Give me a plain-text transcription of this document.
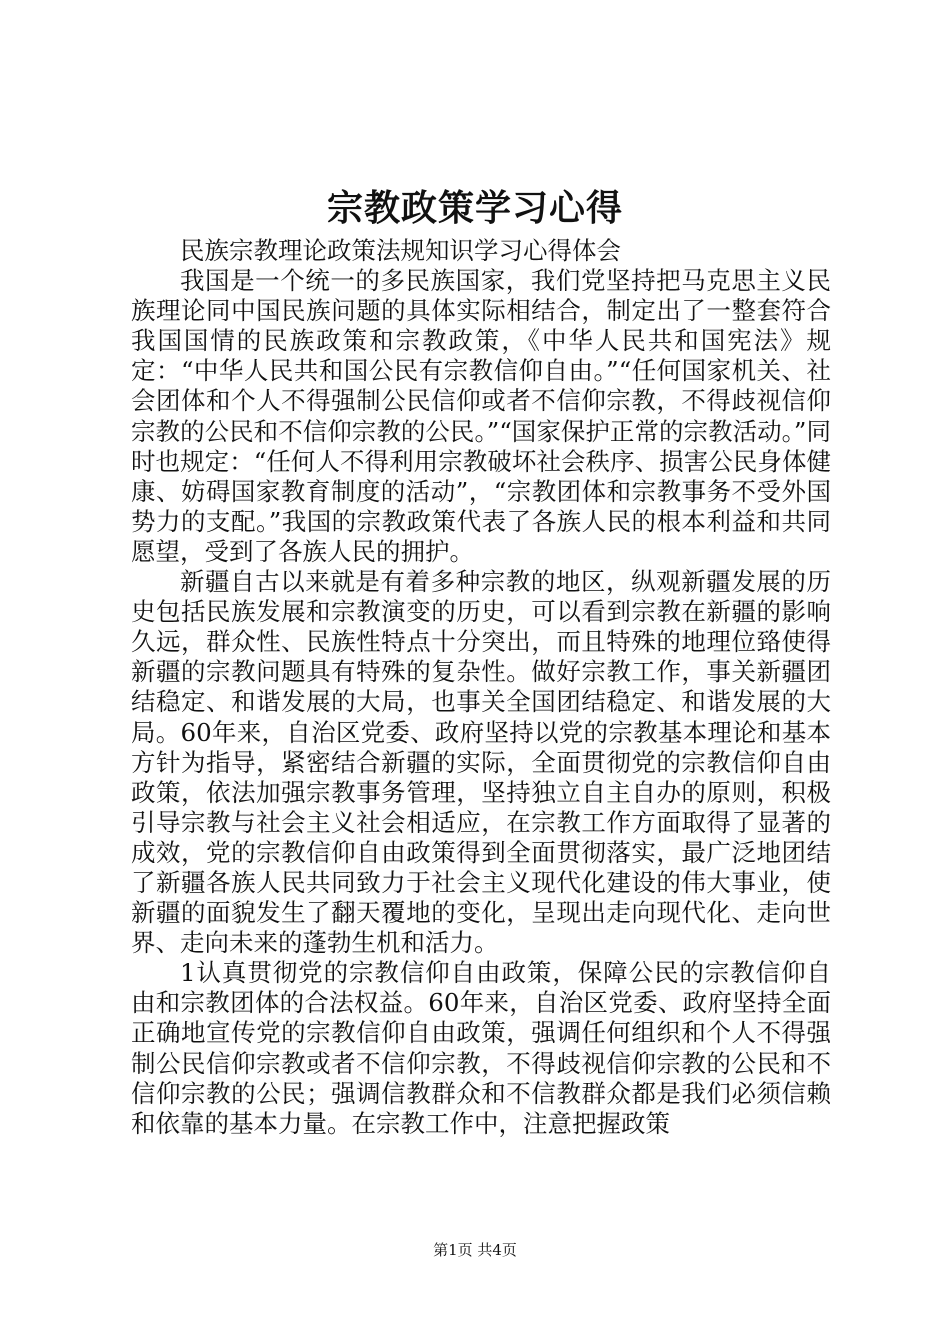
宗教政策学习心得

民族宗教理论政策法规知识学习心得体会

我国是一个统一的多民族国家，我们党坚持把马克思主义民族理论同中国民族问题的具体实际相结合，制定出了一整套符合我国国情的民族政策和宗教政策，《中华人民共和国宪法》规定：“中华人民共和国公民有宗教信仰自由。”“任何国家机关、社会团体和个人不得强制公民信仰或者不信仰宗教，不得歧视信仰宗教的公民和不信仰宗教的公民。”“国家保护正常的宗教活动。”同时也规定：“任何人不得利用宗教破坏社会秩序、损害公民身体健康、妨碍国家教育制度的活动”，“宗教团体和宗教事务不受外国势力的支配。”我国的宗教政策代表了各族人民的根本利益和共同愿望，受到了各族人民的拥护。

新疆自古以来就是有着多种宗教的地区，纵观新疆发展的历史包括民族发展和宗教演变的历史，可以看到宗教在新疆的影响久远，群众性、民族性特点十分突出，而且特殊的地理位臵使得新疆的宗教问题具有特殊的复杂性。做好宗教工作，事关新疆团结稳定、和谐发展的大局，也事关全国团结稳定、和谐发展的大局。60年来，自治区党委、政府坚持以党的宗教基本理论和基本方针为指导，紧密结合新疆的实际，全面贯彻党的宗教信仰自由政策，依法加强宗教事务管理，坚持独立自主自办的原则，积极引导宗教与社会主义社会相适应，在宗教工作方面取得了显著的成效，党的宗教信仰自由政策得到全面贯彻落实，最广泛地团结了新疆各族人民共同致力于社会主义现代化建设的伟大事业，使新疆的面貌发生了翻天覆地的变化，呈现出走向现代化、走向世界、走向未来的蓬勃生机和活力。

1认真贯彻党的宗教信仰自由政策，保障公民的宗教信仰自由和宗教团体的合法权益。60年来，自治区党委、政府坚持全面正确地宣传党的宗教信仰自由政策，强调任何组织和个人不得强制公民信仰宗教或者不信仰宗教，不得歧视信仰宗教的公民和不信仰宗教的公民；强调信教群众和不信教群众都是我们必须信赖和依靠的基本力量。在宗教工作中，注意把握政策

第1页 共4页
